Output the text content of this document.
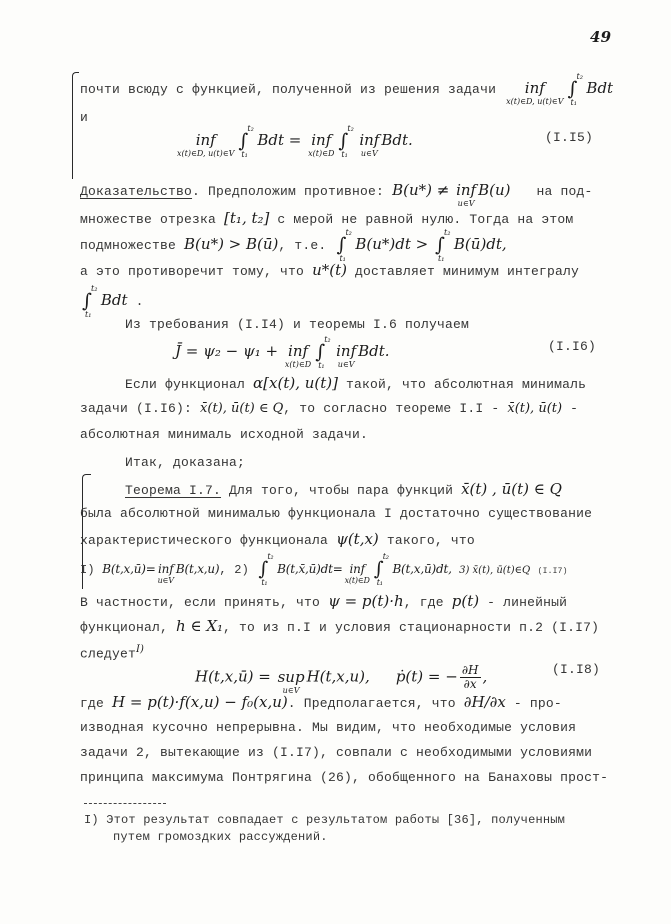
49
почти всюду с функцией, полученной из решения задачи inf
x(t)∈D, u(t)∈V
t₂
∫
t₁
Bdt
и
inf
x(t)∈D, u(t)∈V
t₂
∫
t₁
Bdt = inf
x(t)∈D
t₂
∫
t₁
inf
u∈V
Bdt.	(I.I5)
Доказательство. Предположим противное: B(u*) ≠ inf
u∈V
B(u) на под-
множестве отрезка [t₁, t₂] с мерой не равной нулю. Тогда на этом
подмножестве B(u*) > B(ū), т.е.
t₂
∫
t₁
B(u*)dt >
t₂
∫
t₁
B(ū)dt,
а это противоречит тому, что u*(t) доставляет минимум интегралу
t₂
∫
t₁
Bdt .
Из требования (I.I4) и теоремы I.6 получаем
J̄ = ψ₂ − ψ₁ + inf
x(t)∈D
t₂
∫
t₁
inf
u∈V
Bdt.	(I.I6)
Если функционал α[x(t), u(t)] такой, что абсолютная минималь
задачи (I.I6): x̄(t), ū(t) ∈ Q, то согласно теореме I.I - x̄(t), ū(t) -
абсолютная минималь исходной задачи.
Итак, доказана;
Теорема I.7. Для того, чтобы пара функций x̄(t) , ū(t) ∈ Q
была абсолютной минималью функционала I достаточно существование
характеристического функционала ψ(t,x) такого, что
I) B(t,x,ū)= inf
u∈V
B(t,x,u), 2)
t₂
∫
t₁
B(t,x̄,ū)dt= inf
x(t)∈D
t₂
∫
t₁
B(t,x,ū)dt, 3) x̄(t), ū(t)∈Q (I.I7)
В частности, если принять, что ψ = p(t)·h, где p(t) - линейный
функционал, h ∈ X₁, то из п.I и условия стационарности п.2 (I.I7)
следует$^{I)}$
H(t,x,ū) = sup
u∈V
H(t,x,u), ṗ(t) = − $\frac{\partial H}{\partial x}$ ,	(I.I8)
где H = p(t)·f(x,u) − f₀(x,u). Предполагается, что ∂H/∂x - про-
изводная кусочно непрерывна. Мы видим, что необходимые условия
задачи 2, вытекающие из (I.I7), совпали с необходимыми условиями
принципа максимума Понтрягина (26), обобщенного на Банаховы прост-
I) Этот результат совпадает с результатом работы [36], полученным
путем громоздких рассуждений.
